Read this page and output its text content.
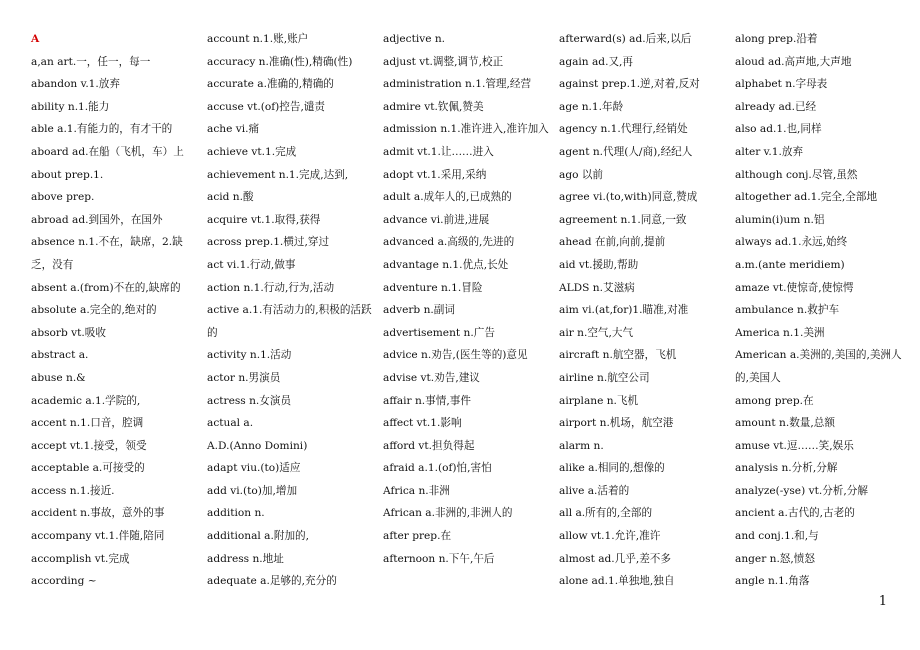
A
a,an art.一，任一，每一
abandon v.1.放弃
ability n.1.能力
able a.1.有能力的，有才干的
aboard ad.在船（飞机，车）上
about prep.1.
above prep.
abroad ad.到国外，在国外
absence n.1.不在，缺席，2.缺乏，没有
absent a.(from)不在的,缺席的
absolute a.完全的,绝对的
absorb vt.吸收
abstract a.
abuse n.&
academic a.1.学院的,
accent n.1.口音，腔调
accept vt.1.接受，领受
acceptable a.可接受的
access n.1.接近.
accident n.事故，意外的事
accompany vt.1.伴随,陪同
accomplish vt.完成
according ~
account n.1.账,账户
accuracy n.准确(性),精确(性)
accurate a.准确的,精确的
accuse vt.(of)控告,谴责
ache vi.痛
achieve vt.1.完成
achievement n.1.完成,达到,
acid n.酸
acquire vt.1.取得,获得
across prep.1.横过,穿过
act vi.1.行动,做事
action n.1.行动,行为,活动
active a.1.有活动力的,积极的活跃的
activity n.1.活动
actor n.男演员
actress n.女演员
actual a.
A.D.(Anno Domini)
adapt viu.(to)适应
add vi.(to)加,增加
addition n.
additional a.附加的,
address n.地址
adequate a.足够的,充分的
adjective n.
adjust vt.调整,调节,校正
administration n.1.管理,经营
admire vt.钦佩,赞美
admission n.1.准许进入,准许加入
admit vt.1.让……进入
adopt vt.1.采用,采纳
adult a.成年人的,已成熟的
advance vi.前进,进展
advanced a.高级的,先进的
advantage n.1.优点,长处
adventure n.1.冒险
adverb n.副词
advertisement n.广告
advice n.劝告,(医生等的)意见
advise vt.劝告,建议
affair n.事情,事件
affect vt.1.影响
afford vt.担负得起
afraid a.1.(of)怕,害怕
Africa n.非洲
African a.非洲的,非洲人的
after prep.在
afternoon n.下午,午后
afterward(s) ad.后来,以后
again ad.又,再
against prep.1.逆,对着,反对
age n.1.年龄
agency n.1.代理行,经销处
agent n.代理(人/商),经纪人
ago 以前
agree vi.(to,with)同意,赞成
agreement n.1.同意,一致
ahead 在前,向前,提前
aid vt.援助,帮助
ALDS n.艾滋病
aim vi.(at,for)1.瞄准,对准
air n.空气,大气
aircraft n.航空器，飞机
airline n.航空公司
airplane n.飞机
airport n.机场，航空港
alarm n.
alike a.相同的,想像的
alive a.活着的
all a.所有的,全部的
allow vt.1.允许,准许
almost ad.几乎,差不多
alone ad.1.单独地,独自
along prep.沿着
aloud ad.高声地,大声地
alphabet n.字母表
already ad.已经
also ad.1.也,同样
alter v.1.放弃
although conj.尽管,虽然
altogether ad.1.完全,全部地
alumin(i)um n.铝
always ad.1.永远,始终
a.m.(ante meridiem)
amaze vt.使惊奇,使惊愕
ambulance n.救护车
America n.1.美洲
American a.美洲的,美国的,美洲人的,美国人
among prep.在
amount n.数量,总额
amuse vt.逗……笑,娱乐
analysis n.分析,分解
analyze(-yse) vt.分析,分解
ancient a.古代的,古老的
and conj.1.和,与
anger n.怒,愤怒
angle n.1.角落
1
